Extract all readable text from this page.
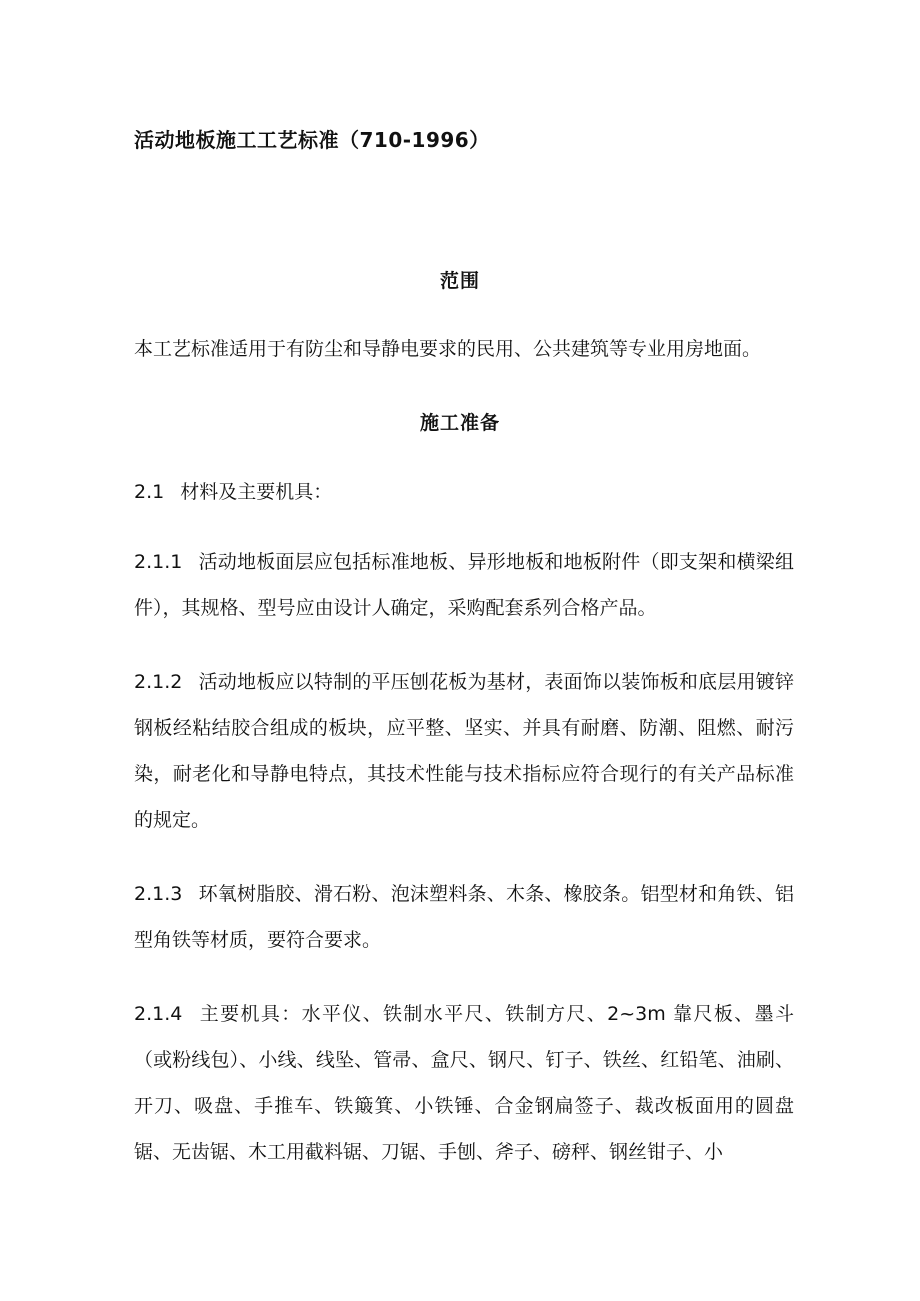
活动地板施工工艺标准（710-1996）
范围
本工艺标准适用于有防尘和导静电要求的民用、公共建筑等专业用房地面。
施工准备
2.1 材料及主要机具：
2.1.1 活动地板面层应包括标准地板、异形地板和地板附件（即支架和横梁组件），其规格、型号应由设计人确定，采购配套系列合格产品。
2.1.2 活动地板应以特制的平压刨花板为基材，表面饰以装饰板和底层用镀锌钢板经粘结胶合组成的板块，应平整、坚实、并具有耐磨、防潮、阻燃、耐污染，耐老化和导静电特点，其技术性能与技术指标应符合现行的有关产品标准的规定。
2.1.3 环氧树脂胶、滑石粉、泡沫塑料条、木条、橡胶条。铝型材和角铁、铝型角铁等材质，要符合要求。
2.1.4 主要机具：水平仪、铁制水平尺、铁制方尺、2~3m 靠尺板、墨斗（或粉线包）、小线、线坠、管帚、盒尺、钢尺、钉子、铁丝、红铅笔、油刷、开刀、吸盘、手推车、铁簸箕、小铁锤、合金钢扁签子、裁改板面用的圆盘锯、无齿锯、木工用截料锯、刀锯、手刨、斧子、磅秤、钢丝钳子、小
